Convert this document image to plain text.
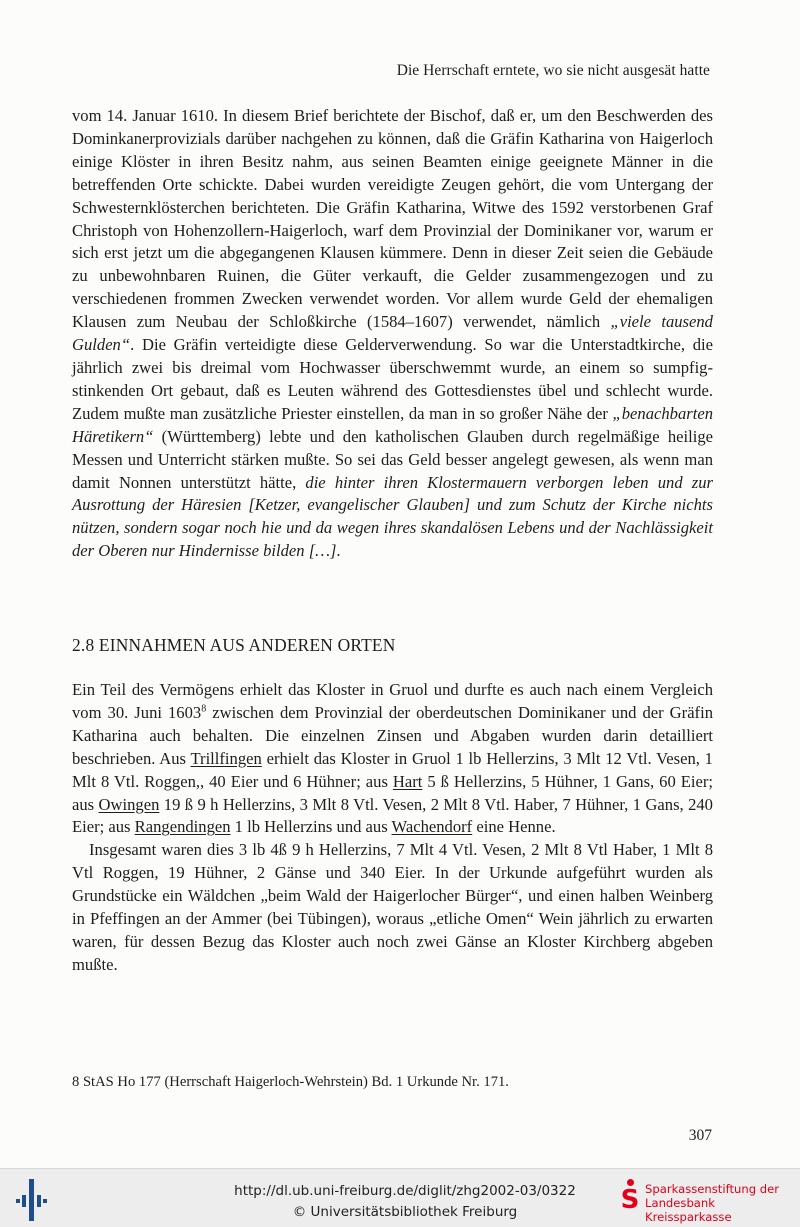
Die Herrschaft erntete, wo sie nicht ausgesät hatte

vom 14. Januar 1610. In diesem Brief berichtete der Bischof, daß er, um den Beschwerden des Dominkanerprovizials darüber nachgehen zu können, daß die Gräfin Katharina von Haigerloch einige Klöster in ihren Besitz nahm, aus seinen Beamten einige geeignete Männer in die betreffenden Orte schickte. Dabei wurden vereidigte Zeugen gehört, die vom Untergang der Schwesternklösterchen berichteten. Die Gräfin Katharina, Witwe des 1592 verstorbenen Graf Christoph von Hohenzollern-Haigerloch, warf dem Provinzial der Dominikaner vor, warum er sich erst jetzt um die abgegangenen Klausen kümmere. Denn in dieser Zeit seien die Gebäude zu unbewohnbaren Ruinen, die Güter verkauft, die Gelder zusammengezogen und zu verschiedenen frommen Zwecken verwendet worden. Vor allem wurde Geld der ehemaligen Klausen zum Neubau der Schloßkirche (1584–1607) verwendet, nämlich „viele tausend Gulden“. Die Gräfin verteidigte diese Gelderverwendung. So war die Unterstadtkirche, die jährlich zwei bis dreimal vom Hochwasser überschwemmt wurde, an einem so sumpfig-stinkenden Ort gebaut, daß es Leuten während des Gottesdienstes übel und schlecht wurde. Zudem mußte man zusätzliche Priester einstellen, da man in so großer Nähe der „benachbarten Häretikern“ (Württemberg) lebte und den katholischen Glauben durch regelmäßige heilige Messen und Unterricht stärken mußte. So sei das Geld besser angelegt gewesen, als wenn man damit Nonnen unterstützt hätte, die hinter ihren Klostermauern verborgen leben und zur Ausrottung der Häresien [Ketzer, evangelischer Glauben] und zum Schutz der Kirche nichts nützen, sondern sogar noch hie und da wegen ihres skandalösen Lebens und der Nachlässigkeit der Oberen nur Hindernisse bilden […].

2.8 EINNAHMEN AUS ANDEREN ORTEN

Ein Teil des Vermögens erhielt das Kloster in Gruol und durfte es auch nach einem Vergleich vom 30. Juni 1603$^8$ zwischen dem Provinzial der oberdeutschen Dominikaner und der Gräfin Katharina auch behalten. Die einzelnen Zinsen und Abgaben wurden darin detailliert beschrieben. Aus Trillfingen erhielt das Kloster in Gruol 1 lb Hellerzins, 3 Mlt 12 Vtl. Vesen, 1 Mlt 8 Vtl. Roggen,, 40 Eier und 6 Hühner; aus Hart 5 ß Hellerzins, 5 Hühner, 1 Gans, 60 Eier; aus Owingen 19 ß 9 h Hellerzins, 3 Mlt 8 Vtl. Vesen, 2 Mlt 8 Vtl. Haber, 7 Hühner, 1 Gans, 240 Eier; aus Rangendingen 1 lb Hellerzins und aus Wachendorf eine Henne.

Insgesamt waren dies 3 lb 4ß 9 h Hellerzins, 7 Mlt 4 Vtl. Vesen, 2 Mlt 8 Vtl Haber, 1 Mlt 8 Vtl Roggen, 19 Hühner, 2 Gänse und 340 Eier. In der Urkunde aufgeführt wurden als Grundstücke ein Wäldchen „beim Wald der Haigerlocher Bürger“, und einen halben Weinberg in Pfeffingen an der Ammer (bei Tübingen), woraus „etliche Omen“ Wein jährlich zu erwarten waren, für dessen Bezug das Kloster auch noch zwei Gänse an Kloster Kirchberg abgeben mußte.

8 StAS Ho 177 (Herrschaft Haigerloch-Wehrstein) Bd. 1 Urkunde Nr. 171.
307
http://dl.ub.uni-freiburg.de/diglit/zhg2002-03/0322
© Universitätsbibliothek Freiburg	S Sparkassenstiftung der
Landesbank Kreissparkasse
